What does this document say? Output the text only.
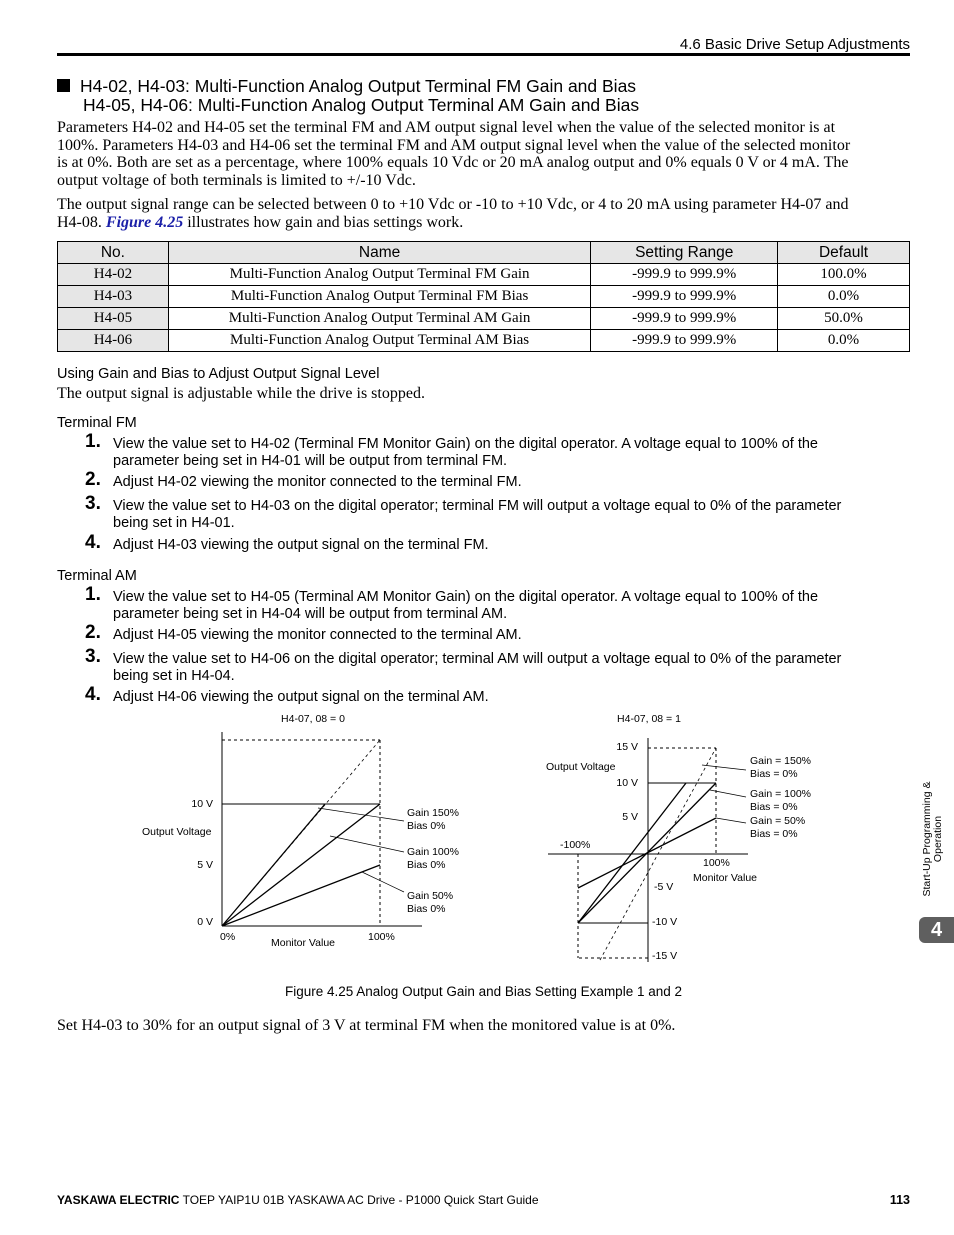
4.6 Basic Drive Setup Adjustments
H4-02, H4-03: Multi-Function Analog Output Terminal FM Gain and Bias
H4-05, H4-06: Multi-Function Analog Output Terminal AM Gain and Bias
Parameters H4-02 and H4-05 set the terminal FM and AM output signal level when the value of the selected monitor is at
100%. Parameters H4-03 and H4-06 set the terminal FM and AM output signal level when the value of the selected monitor
is at 0%. Both are set as a percentage, where 100% equals 10 Vdc or 20 mA analog output and 0% equals 0 V or 4 mA. The
output voltage of both terminals is limited to +/-10 Vdc.
The output signal range can be selected between 0 to +10 Vdc or -10 to +10 Vdc, or 4 to 20 mA using parameter H4-07 and
H4-08. Figure 4.25 illustrates how gain and bias settings work.
No.	Name	Setting Range	Default
H4-02	Multi-Function Analog Output Terminal FM Gain	-999.9 to 999.9%	100.0%
H4-03	Multi-Function Analog Output Terminal FM Bias	-999.9 to 999.9%	0.0%
H4-05	Multi-Function Analog Output Terminal AM Gain	-999.9 to 999.9%	50.0%
H4-06	Multi-Function Analog Output Terminal AM Bias	-999.9 to 999.9%	0.0%
Using Gain and Bias to Adjust Output Signal Level
The output signal is adjustable while the drive is stopped.
Terminal FM
1. View the value set to H4-02 (Terminal FM Monitor Gain) on the digital operator. A voltage equal to 100% of the
parameter being set in H4-01 will be output from terminal FM.
2. Adjust H4-02 viewing the monitor connected to the terminal FM.
3. View the value set to H4-03 on the digital operator; terminal FM will output a voltage equal to 0% of the parameter
being set in H4-01.
4. Adjust H4-03 viewing the output signal on the terminal FM.
Terminal AM
1. View the value set to H4-05 (Terminal AM Monitor Gain) on the digital operator. A voltage equal to 100% of the
parameter being set in H4-04 will be output from terminal AM.
2. Adjust H4-05 viewing the monitor connected to the terminal AM.
3. View the value set to H4-06 on the digital operator; terminal AM will output a voltage equal to 0% of the parameter
being set in H4-04.
4. Adjust H4-06 viewing the output signal on the terminal AM.
H4-07, 08 = 0
10 V
5 V
0 V
Output Voltage
0%	100%
Monitor Value
Gain 150%
Bias 0%
Gain 100%
Bias 0%
Gain 50%
Bias 0%
H4-07, 08 = 1
15 V
10 V
5 V
-5 V
-10 V
-15 V
Output Voltage
-100%
100%
Monitor Value
Gain = 150%
Bias = 0%
Gain = 100%
Bias = 0%
Gain = 50%
Bias = 0%
Figure 4.25 Analog Output Gain and Bias Setting Example 1 and 2
Set H4-03 to 30% for an output signal of 3 V at terminal FM when the monitored value is at 0%.
Start-Up Programming & Operation
4
YASKAWA ELECTRIC TOEP YAIP1U 01B YASKAWA AC Drive - P1000 Quick Start Guide	113
